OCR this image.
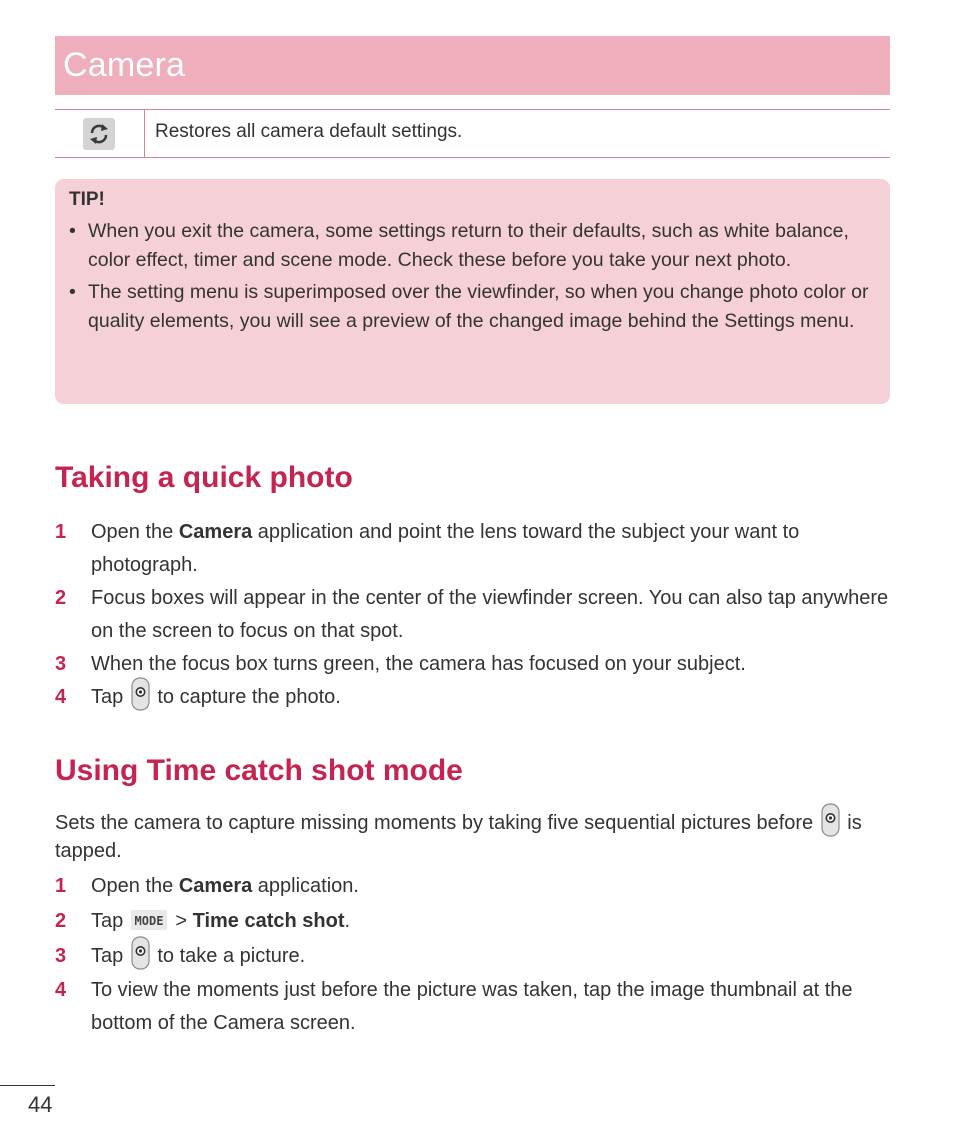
Camera
Restores all camera default settings.
TIP!
• When you exit the camera, some settings return to their defaults, such as white balance, color effect, timer and scene mode. Check these before you take your next photo.
• The setting menu is superimposed over the viewfinder, so when you change photo color or quality elements, you will see a preview of the changed image behind the Settings menu.
Taking a quick photo
1 Open the Camera application and point the lens toward the subject your want to photograph.
2 Focus boxes will appear in the center of the viewfinder screen. You can also tap anywhere on the screen to focus on that spot.
3 When the focus box turns green, the camera has focused on your subject.
4 Tap  to capture the photo.
Using Time catch shot mode

Sets the camera to capture missing moments by taking five sequential pictures before  is tapped.

1 Open the Camera application.
2 Tap MODE > Time catch shot.
3 Tap  to take a picture.
4 To view the moments just before the picture was taken, tap the image thumbnail at the bottom of the Camera screen.
44
